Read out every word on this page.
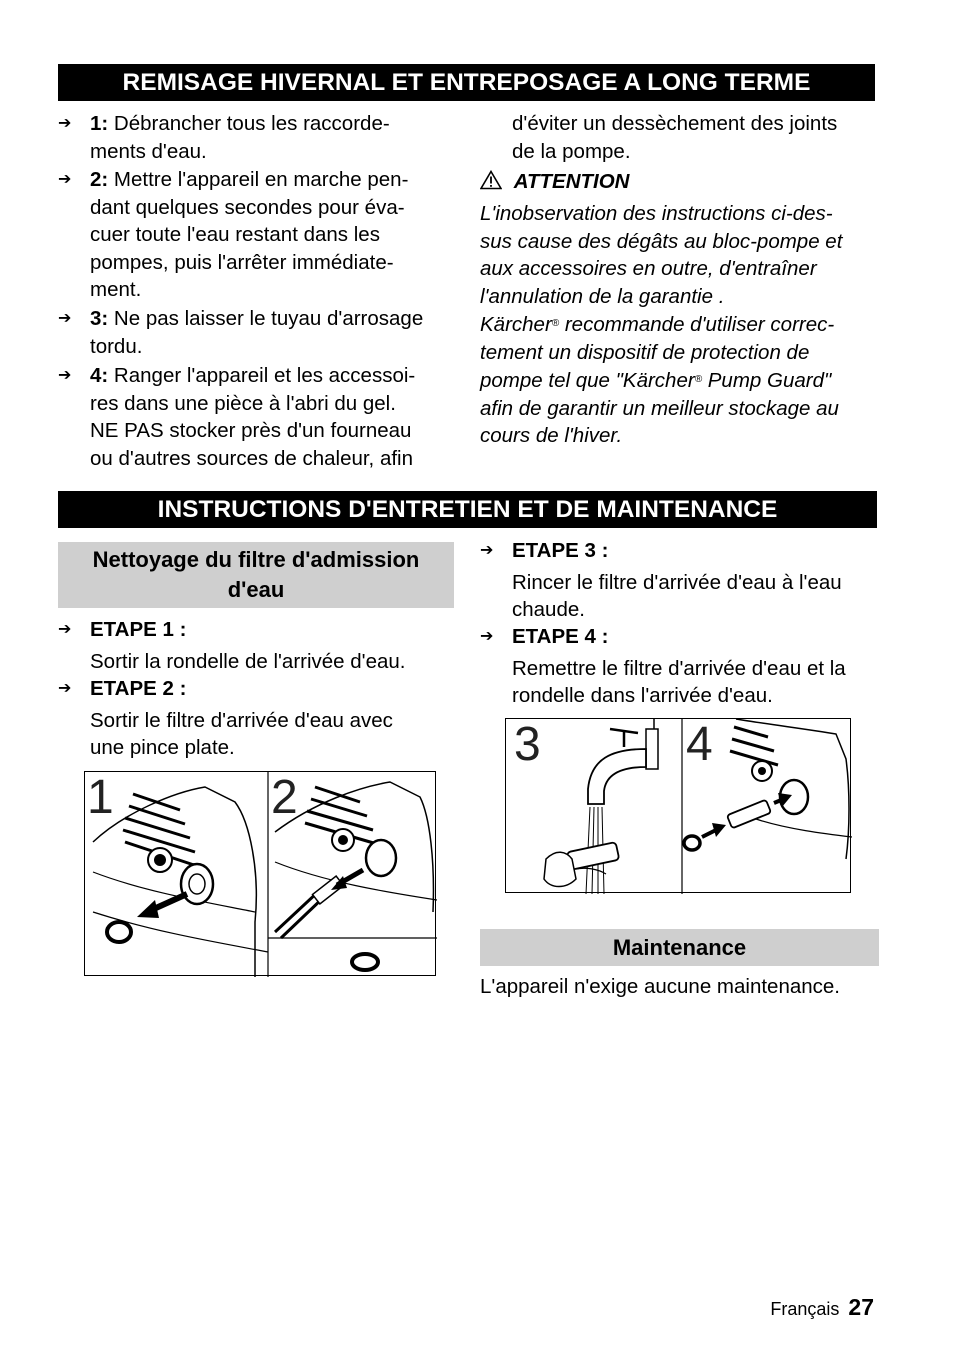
REMISAGE HIVERNAL ET ENTREPOSAGE A LONG TERME
➔ 1: Débrancher tous les raccorde-
ments d'eau.
➔ 2: Mettre l'appareil en marche pen-
dant quelques secondes pour éva-
cuer toute l'eau restant dans les
pompes, puis l'arrêter immédiate-
ment.
➔ 3: Ne pas laisser le tuyau d'arrosage
tordu.
➔ 4: Ranger l'appareil et les accessoi-
res dans une pièce à l'abri du gel.
NE PAS stocker près d'un fourneau
ou d'autres sources de chaleur, afin
d'éviter un dessèchement des joints
de la pompe.
ATTENTION
L'inobservation des instructions ci-des-
sus cause des dégâts au bloc-pompe et
aux accessoires en outre, d'entraîner
l'annulation de la garantie .
Kärcher® recommande d'utiliser correc-
tement un dispositif de protection de
pompe tel que "Kärcher® Pump Guard"
afin de garantir un meilleur stockage au
cours de l'hiver.
INSTRUCTIONS D'ENTRETIEN ET DE MAINTENANCE
Nettoyage du filtre d'admission
d'eau
➔ ETAPE 1 :
Sortir la rondelle de l'arrivée d'eau.
➔ ETAPE 2 :
Sortir le filtre d'arrivée d'eau avec
une pince plate.
➔ ETAPE 3 :
Rincer le filtre d'arrivée d'eau à l'eau
chaude.
➔ ETAPE 4 :
Remettre le filtre d'arrivée d'eau et la
rondelle dans l'arrivée d'eau.
1	2
3	4
Maintenance
L'appareil n'exige aucune maintenance.
Français 27
